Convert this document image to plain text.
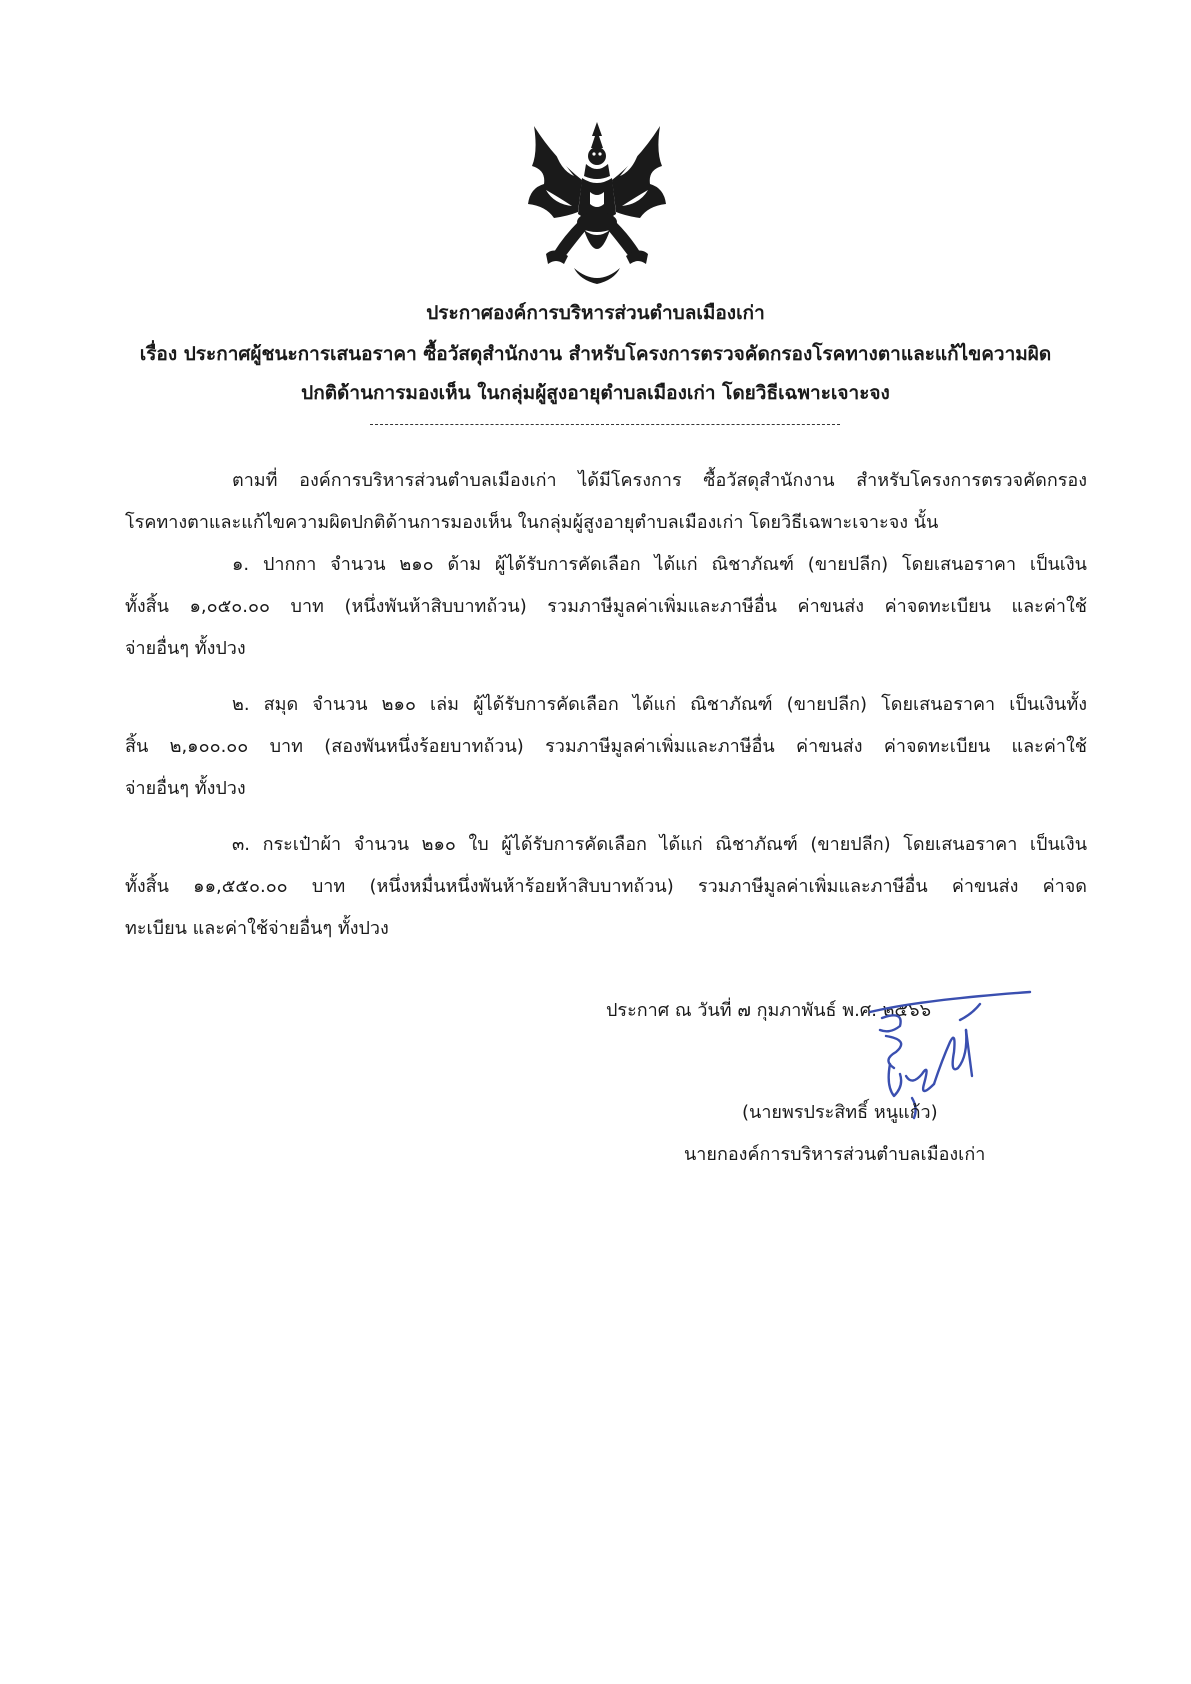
ประกาศองค์การบริหารส่วนตำบลเมืองเก่า
เรื่อง ประกาศผู้ชนะการเสนอราคา ซื้อวัสดุสำนักงาน สำหรับโครงการตรวจคัดกรองโรคทางตาและแก้ไขความผิด
ปกติด้านการมองเห็น ในกลุ่มผู้สูงอายุตำบลเมืองเก่า โดยวิธีเฉพาะเจาะจง
ตามที่ องค์การบริหารส่วนตำบลเมืองเก่า ได้มีโครงการ ซื้อวัสดุสำนักงาน สำหรับโครงการตรวจคัดกรอง
โรคทางตาและแก้ไขความผิดปกติด้านการมองเห็น ในกลุ่มผู้สูงอายุตำบลเมืองเก่า โดยวิธีเฉพาะเจาะจง นั้น
๑. ปากกา จำนวน ๒๑๐ ด้าม ผู้ได้รับการคัดเลือก ได้แก่ ณิชาภัณฑ์ (ขายปลีก) โดยเสนอราคา เป็นเงิน
ทั้งสิ้น ๑,๐๕๐.๐๐ บาท (หนึ่งพันห้าสิบบาทถ้วน) รวมภาษีมูลค่าเพิ่มและภาษีอื่น ค่าขนส่ง ค่าจดทะเบียน และค่าใช้
จ่ายอื่นๆ ทั้งปวง
๒. สมุด จำนวน ๒๑๐ เล่ม ผู้ได้รับการคัดเลือก ได้แก่ ณิชาภัณฑ์ (ขายปลีก) โดยเสนอราคา เป็นเงินทั้ง
สิ้น ๒,๑๐๐.๐๐ บาท (สองพันหนึ่งร้อยบาทถ้วน) รวมภาษีมูลค่าเพิ่มและภาษีอื่น ค่าขนส่ง ค่าจดทะเบียน และค่าใช้
จ่ายอื่นๆ ทั้งปวง
๓. กระเป๋าผ้า จำนวน ๒๑๐ ใบ ผู้ได้รับการคัดเลือก ได้แก่ ณิชาภัณฑ์ (ขายปลีก) โดยเสนอราคา เป็นเงิน
ทั้งสิ้น ๑๑,๕๕๐.๐๐ บาท (หนึ่งหมื่นหนึ่งพันห้าร้อยห้าสิบบาทถ้วน) รวมภาษีมูลค่าเพิ่มและภาษีอื่น ค่าขนส่ง ค่าจด
ทะเบียน และค่าใช้จ่ายอื่นๆ ทั้งปวง
ประกาศ ณ วันที่ ๗ กุมภาพันธ์ พ.ศ. ๒๕๖๖
(นายพรประสิทธิ์ หนูแก้ว)
นายกองค์การบริหารส่วนตำบลเมืองเก่า
